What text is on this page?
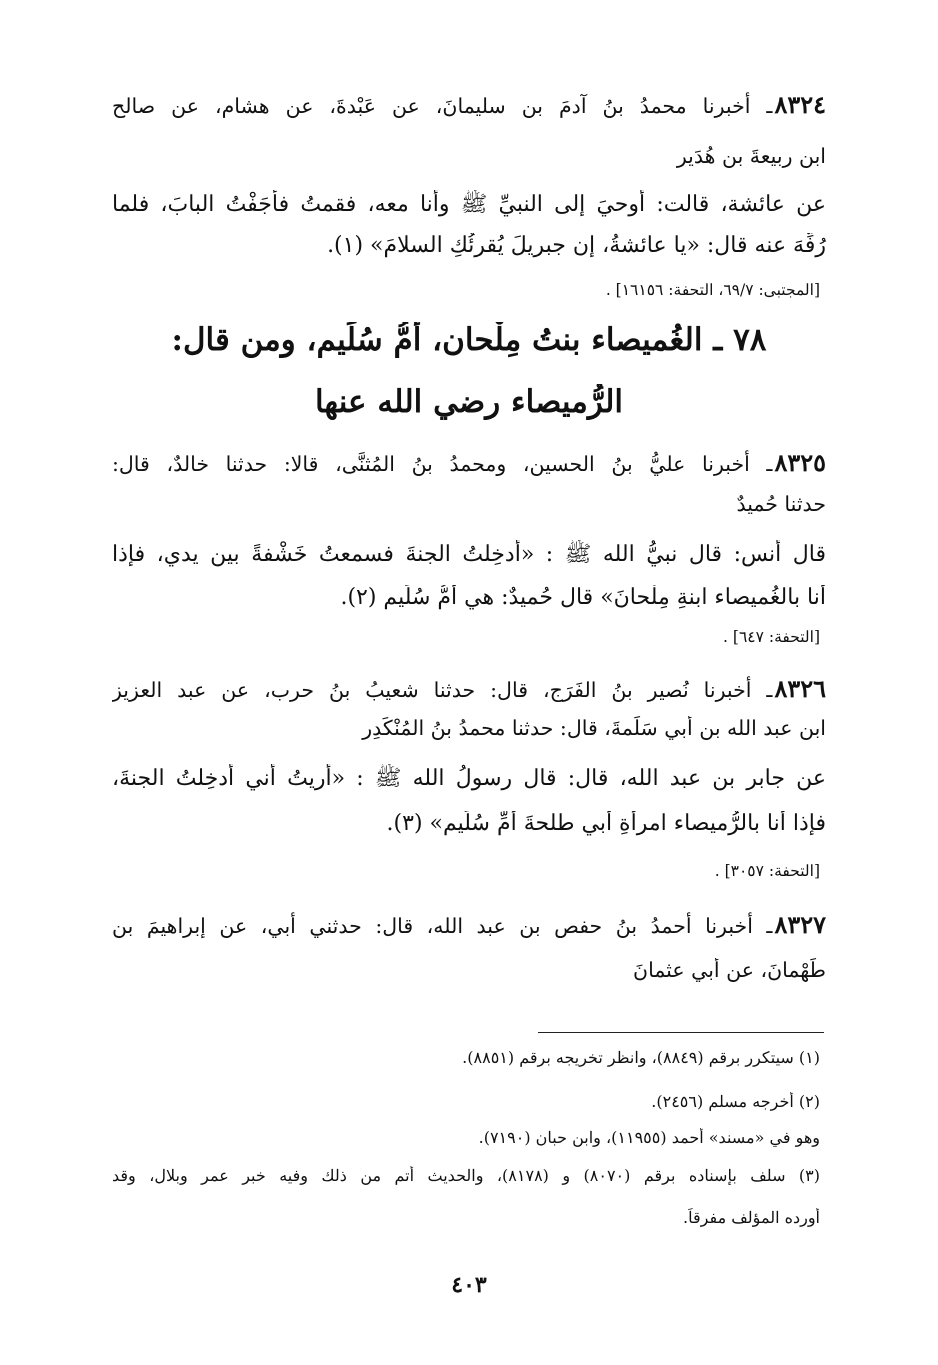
٨٣٢٤ـ أخبرنا محمدُ بنُ آدمَ بن سليمانَ، عن عَبْدةَ، عن هشام، عن صالح
ابن ربيعةَ بن هُدَير
عن عائشة، قالت: أُوحيَ إلى النبيِّ ﷺ وأنا معه، فقمتُ فأجَفْتُ البابَ، فلما
رُفِّهَ عنه قال: «يا عائشةُ، إن جبريلَ يُقرئُكِ السلامَ» (١).
[المجتبى: ٦٩/٧، التحفة: ١٦١٥٦] .
٧٨ ـ الغُميصاء بنتُ مِلْحان، أمُّ سُلَيم، ومن قال:
الرُّميصاء رضي الله عنها
٨٣٢٥ـ أخبرنا عليُّ بنُ الحسين، ومحمدُ بنُ المُثنَّى، قالا: حدثنا خالدٌ، قال:
حدثنا حُميدٌ
قال أنس: قال نبيُّ الله ﷺ : «أُدخِلتُ الجنةَ فسمعتُ خَشْفةً بين يدي، فإذا
أنا بالغُميصاء ابنةِ مِلْحانَ» قال حُميدٌ: هي أمُّ سُلَيم (٢).
[التحفة: ٦٤٧] .
٨٣٢٦ـ أخبرنا نُصير بنُ الفَرَج، قال: حدثنا شعيبُ بنُ حرب، عن عبد العزيز
ابن عبد الله بن أبي سَلَمةَ، قال: حدثنا محمدُ بنُ المُنْكَدِر
عن جابر بن عبد الله، قال: قال رسولُ الله ﷺ : «أُريتُ أني أُدخِلتُ الجنةَ،
فإذا أنا بالرُّميصاء امرأةِ أبي طلحةَ أمِّ سُلَيم» (٣).
[التحفة: ٣٠٥٧] .
٨٣٢٧ـ أخبرنا أحمدُ بنُ حفص بن عبد الله، قال: حدثني أبي، عن إبراهيمَ بن
طَهْمانَ، عن أبي عثمانَ
(١) سيتكرر برقم (٨٨٤٩)، وانظر تخريجه برقم (٨٨٥١).
(٢) أخرجه مسلم (٢٤٥٦).
وهو في «مسند» أحمد (١١٩٥٥)، وابن حبان (٧١٩٠).
(٣) سلف بإسناده برقم (٨٠٧٠) و (٨١٧٨)، والحديث أتم من ذلك وفيه خبر عمر وبلال، وقد
أورده المؤلف مفرقاً.
٤٠٣
